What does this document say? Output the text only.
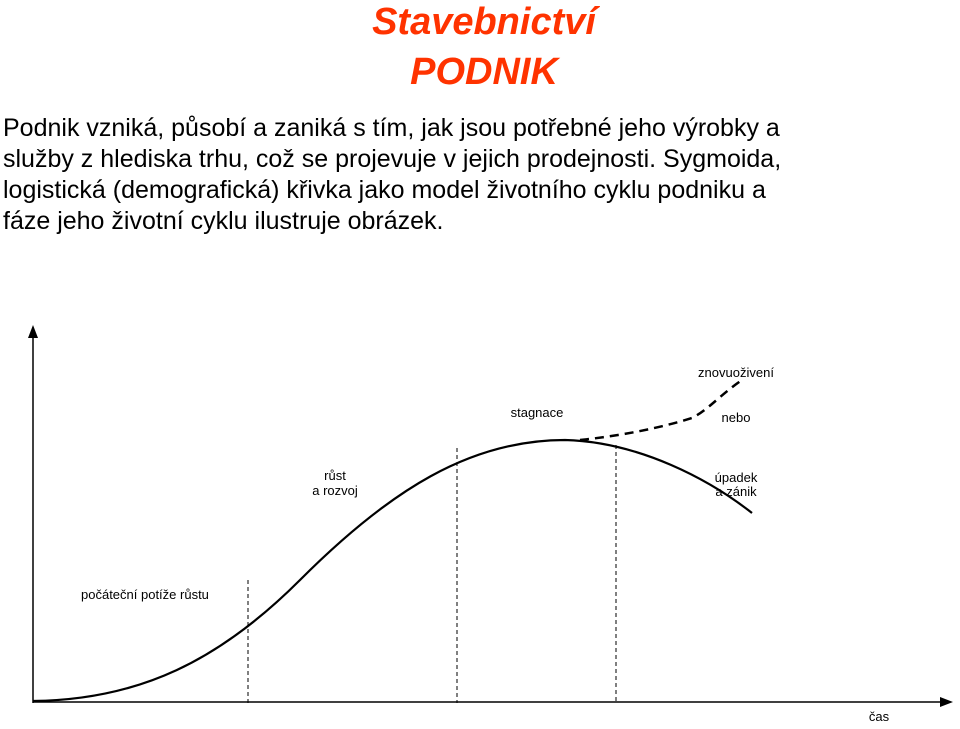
Stavebnictví
PODNIK
Podnik vzniká, působí a zaniká s tím, jak jsou potřebné jeho výrobky a
služby z hlediska trhu, což se projevuje v jejich prodejnosti. Sygmoida,
logistická (demografická) křivka jako model životního cyklu podniku a
fáze jeho životní cyklu ilustruje obrázek.
počáteční potíže růstu
růst
a rozvoj
stagnace
znovuoživení
nebo
úpadek
a zánik
čas
